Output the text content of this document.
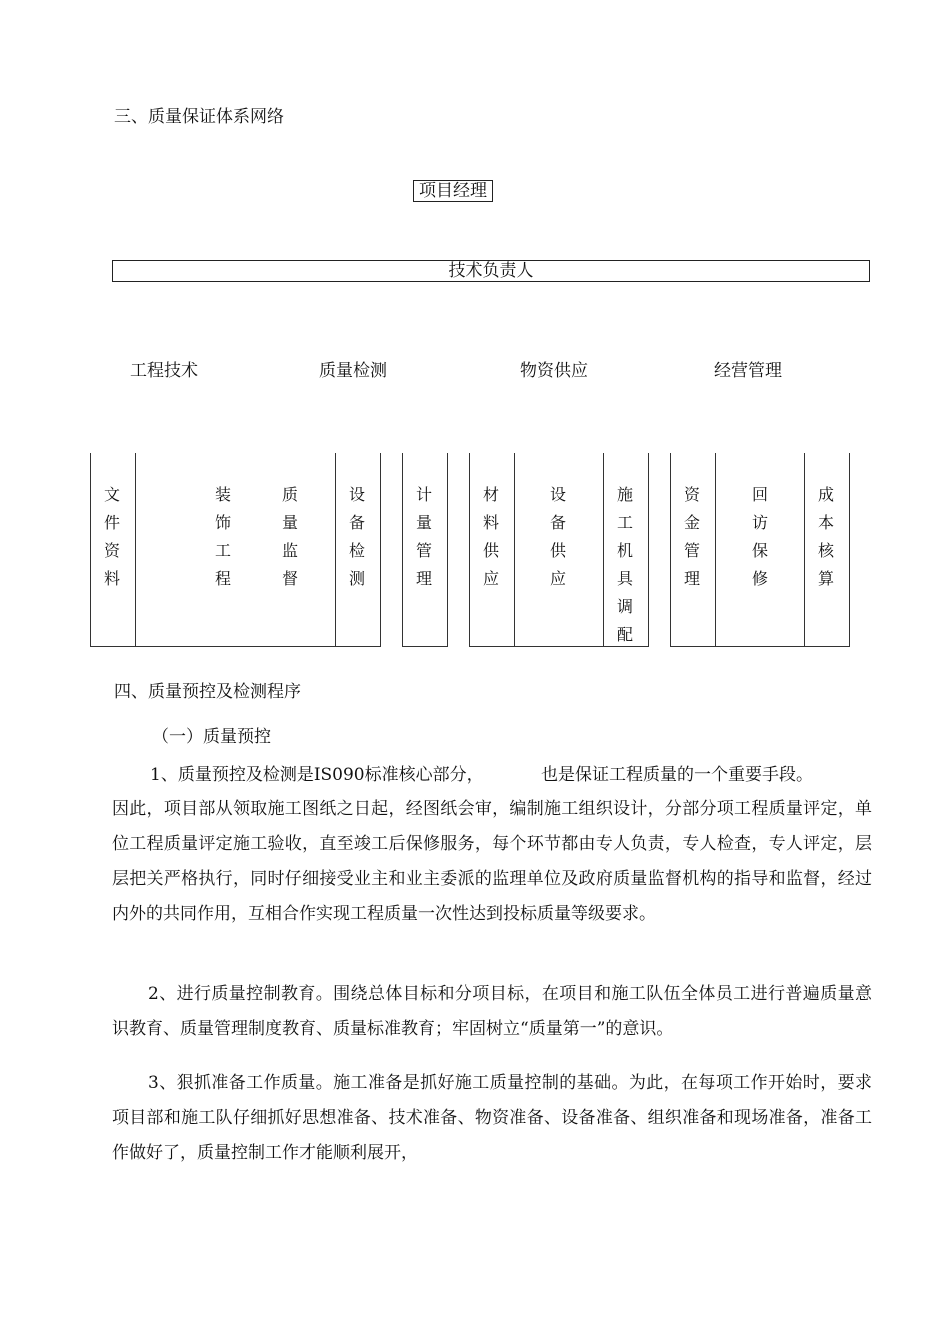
三、质量保证体系网络
项目经理
技术负责人
工程技术	质量检测	物资供应	经营管理
文
件
资
料
装
饰
工
程
质
量
监
督
设
备
检
测
计
量
管
理
材
料
供
应
设
备
供
应
施
工
机
具
调
配
资
金
管
理
回
访
保
修
成
本
核
算
四、质量预控及检测程序
（一）质量预控
1、质量预控及检测是IS090标准核心部分，	也是保证工程质量的一个重要手段。

因此，项目部从领取施工图纸之日起，经图纸会审，编制施工组织设计，分部分项工程质量评定，单位工程质量评定施工验收，直至竣工后保修服务，每个环节都由专人负责，专人检查，专人评定，层层把关严格执行，同时仔细接受业主和业主委派的监理单位及政府质量监督机构的指导和监督，经过内外的共同作用，互相合作实现工程质量一次性达到投标质量等级要求。

2、进行质量控制教育。围绕总体目标和分项目标，在项目和施工队伍全体员工进行普遍质量意识教育、质量管理制度教育、质量标准教育；牢固树立“质量第一”的意识。

3、狠抓准备工作质量。施工准备是抓好施工质量控制的基础。为此，在每项工作开始时，要求项目部和施工队仔细抓好思想准备、技术准备、物资准备、设备准备、组织准备和现场准备，准备工作做好了，质量控制工作才能顺利展开，
